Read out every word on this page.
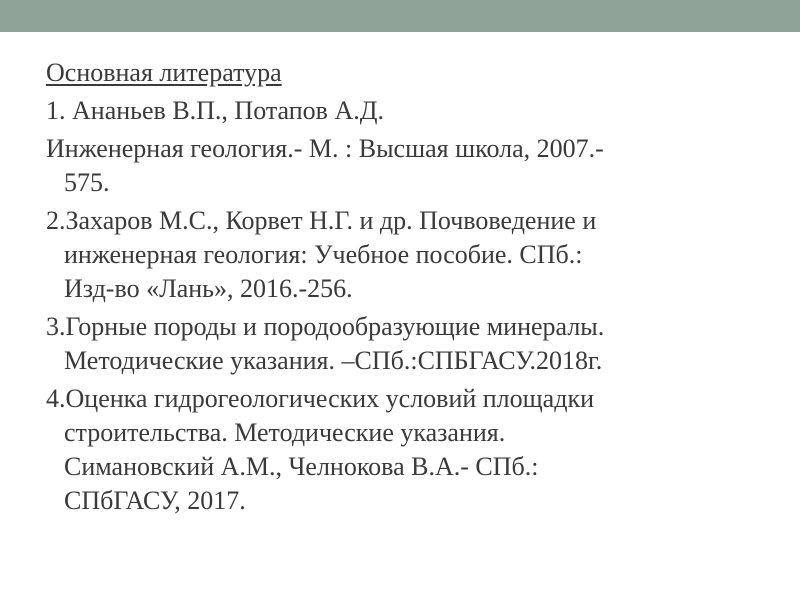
Основная литература
1. Ананьев В.П., Потапов А.Д.
Инженерная геология.- М. : Высшая школа, 2007.-
575.
2.Захаров М.С., Корвет Н.Г. и др. Почвоведение и
инженерная геология: Учебное пособие. СПб.:
Изд-во «Лань», 2016.-256.
3.Горные породы и породообразующие минералы.
Методические указания. –СПб.:СПБГАСУ.2018г.
4.Оценка гидрогеологических условий площадки
строительства. Методические указания.
Симановский А.М., Челнокова В.А.- СПб.:
СПбГАСУ, 2017.
